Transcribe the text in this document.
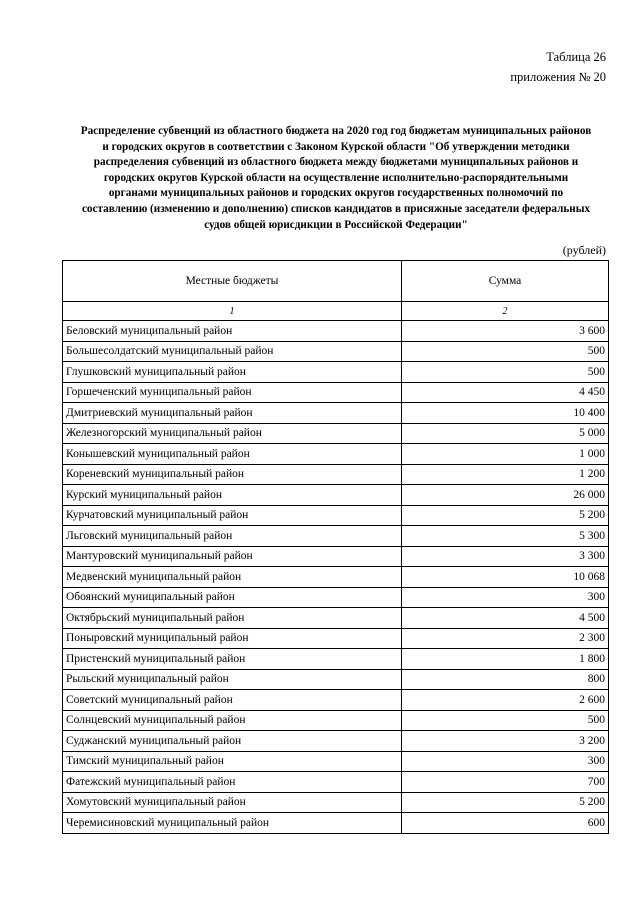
Таблица 26
приложения № 20
Распределение субвенций из областного бюджета на 2020 год год бюджетам муниципальных районов и городских округов в соответствии с Законом Курской области "Об утверждении методики распределения субвенций из областного бюджета между бюджетами муниципальных районов и городских округов Курской области на осуществление исполнительно-распорядительными органами муниципальных районов и городских округов государственных полномочий по составлению (изменению и дополнению) списков кандидатов в присяжные заседатели федеральных судов общей юрисдикции в Российской Федерации"
(рублей)
Местные бюджеты	Сумма
1	2
Беловский муниципальный район	3 600
Большесолдатский муниципальный район	500
Глушковский муниципальный район	500
Горшеченский муниципальный район	4 450
Дмитриевский муниципальный район	10 400
Железногорский муниципальный район	5 000
Конышевский муниципальный район	1 000
Кореневский муниципальный район	1 200
Курский муниципальный район	26 000
Курчатовский муниципальный район	5 200
Льговский муниципальный район	5 300
Мантуровский муниципальный район	3 300
Медвенский муниципальный район	10 068
Обоянский муниципальный район	300
Октябрьский муниципальный район	4 500
Поныровский муниципальный район	2 300
Пристенский муниципальный район	1 800
Рыльский муниципальный район	800
Советский муниципальный район	2 600
Солнцевский муниципальный район	500
Суджанский муниципальный район	3 200
Тимский муниципальный район	300
Фатежский муниципальный район	700
Хомутовский муниципальный район	5 200
Черемисиновский муниципальный район	600
